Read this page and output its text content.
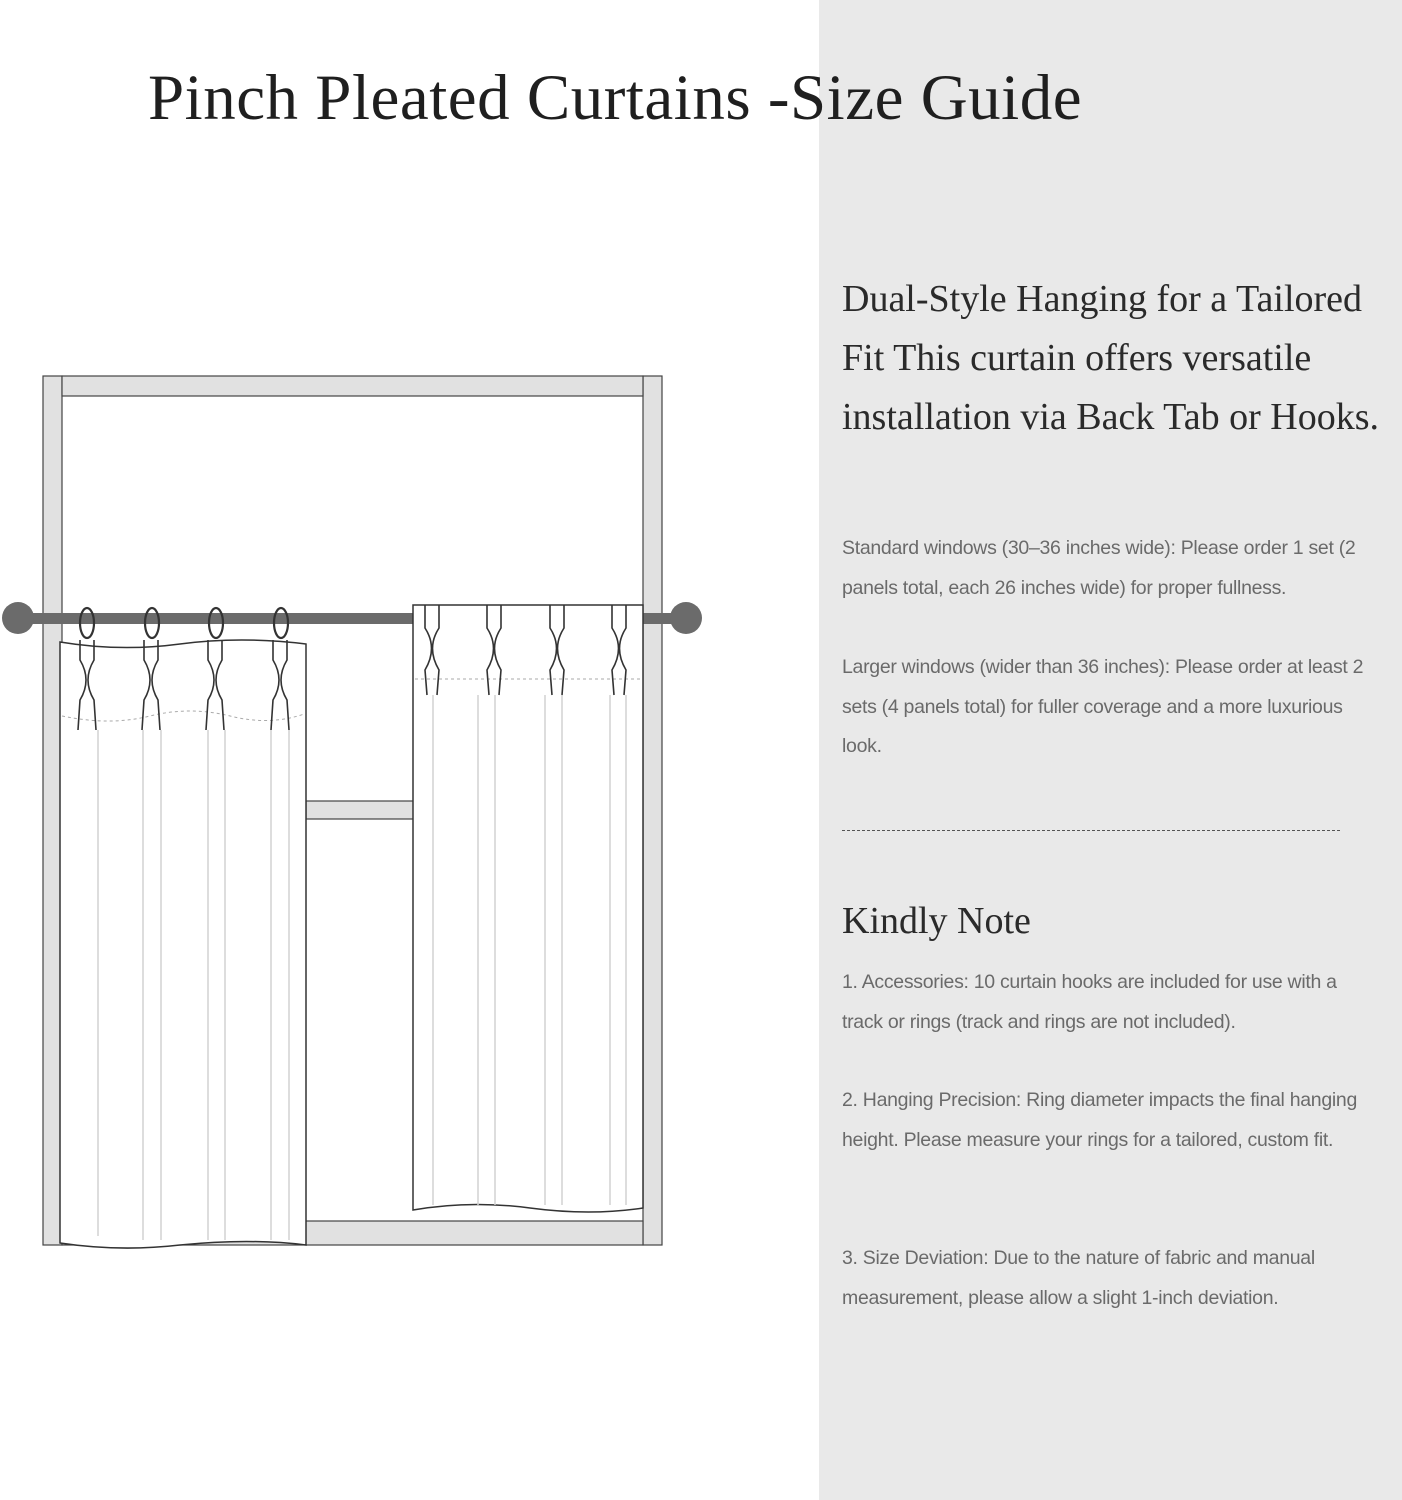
Pinch Pleated Curtains -Size Guide
Dual-Style Hanging for a Tailored Fit This curtain offers versatile installation via Back Tab or Hooks.
Standard windows (30–36 inches wide): Please order 1 set (2 panels total, each 26 inches wide) for proper fullness.
Larger windows (wider than 36 inches): Please order at least 2 sets (4 panels total) for fuller coverage and a more luxurious look.
Kindly Note
1. Accessories: 10 curtain hooks are included for use with a track or rings (track and rings are not included).
2. Hanging Precision: Ring diameter impacts the final hanging height. Please measure your rings for a tailored, custom fit.
3. Size Deviation: Due to the nature of fabric and manual measurement, please allow a slight 1-inch deviation.
